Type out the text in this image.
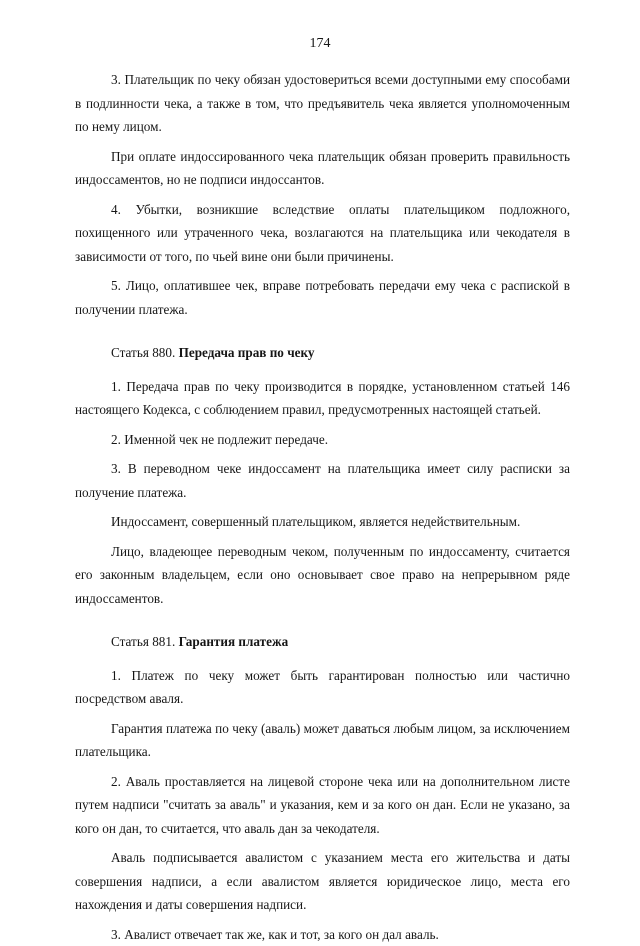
174

3. Плательщик по чеку обязан удостовериться всеми доступными ему способами в подлинности чека, а также в том, что предъявитель чека является уполномоченным по нему лицом.

При оплате индоссированного чека плательщик обязан проверить правильность индоссаментов, но не подписи индоссантов.

4. Убытки, возникшие вследствие оплаты плательщиком подложного, похищенного или утраченного чека, возлагаются на плательщика или чекодателя в зависимости от того, по чьей вине они были причинены.

5. Лицо, оплатившее чек, вправе потребовать передачи ему чека с распиской в получении платежа.

Статья 880. Передача прав по чеку

1. Передача прав по чеку производится в порядке, установленном статьей 146 настоящего Кодекса, с соблюдением правил, предусмотренных настоящей статьей.

2. Именной чек не подлежит передаче.

3. В переводном чеке индоссамент на плательщика имеет силу расписки за получение платежа.

Индоссамент, совершенный плательщиком, является недействительным.

Лицо, владеющее переводным чеком, полученным по индоссаменту, считается его законным владельцем, если оно основывает свое право на непрерывном ряде индоссаментов.

Статья 881. Гарантия платежа

1. Платеж по чеку может быть гарантирован полностью или частично посредством аваля.

Гарантия платежа по чеку (аваль) может даваться любым лицом, за исключением плательщика.

2. Аваль проставляется на лицевой стороне чека или на дополнительном листе путем надписи "считать за аваль" и указания, кем и за кого он дан. Если не указано, за кого он дан, то считается, что аваль дан за чекодателя.

Аваль подписывается авалистом с указанием места его жительства и даты совершения надписи, а если авалистом является юридическое лицо, места его нахождения и даты совершения надписи.

3. Авалист отвечает так же, как и тот, за кого он дал аваль.
